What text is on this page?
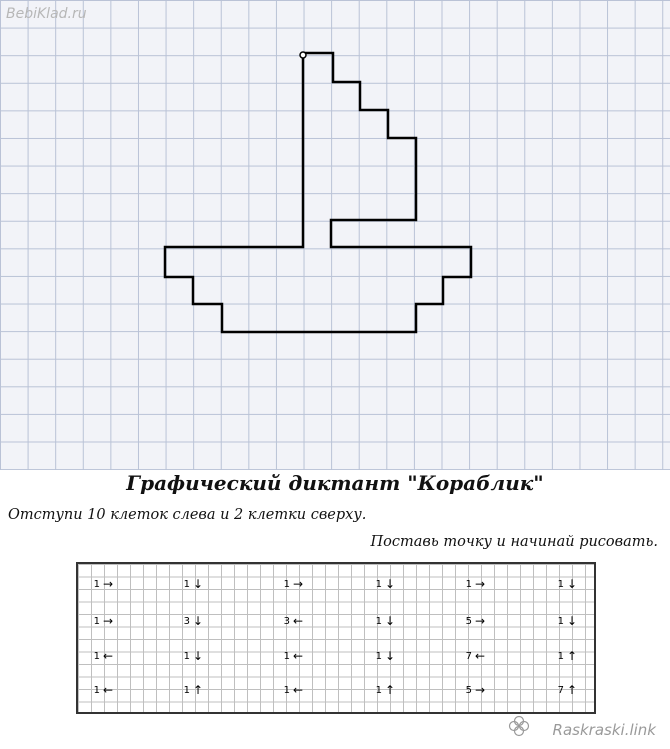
BebiKlad.ru
Графический диктант "Кораблик"
Отступи 10 клеток слева и 2 клетки сверху.
Поставь точку и начинай рисовать.
1 →	1 ↓	1 →	1 ↓	1 →	1 ↓
1 →	3 ↓	3 ←	1 ↓	5 →	1 ↓
1 ←	1 ↓	1 ←	1 ↓	7 ←	1 ↑
1 ←	1 ↑	1 ←	1 ↑	5 →	7 ↑
Raskraski.link
